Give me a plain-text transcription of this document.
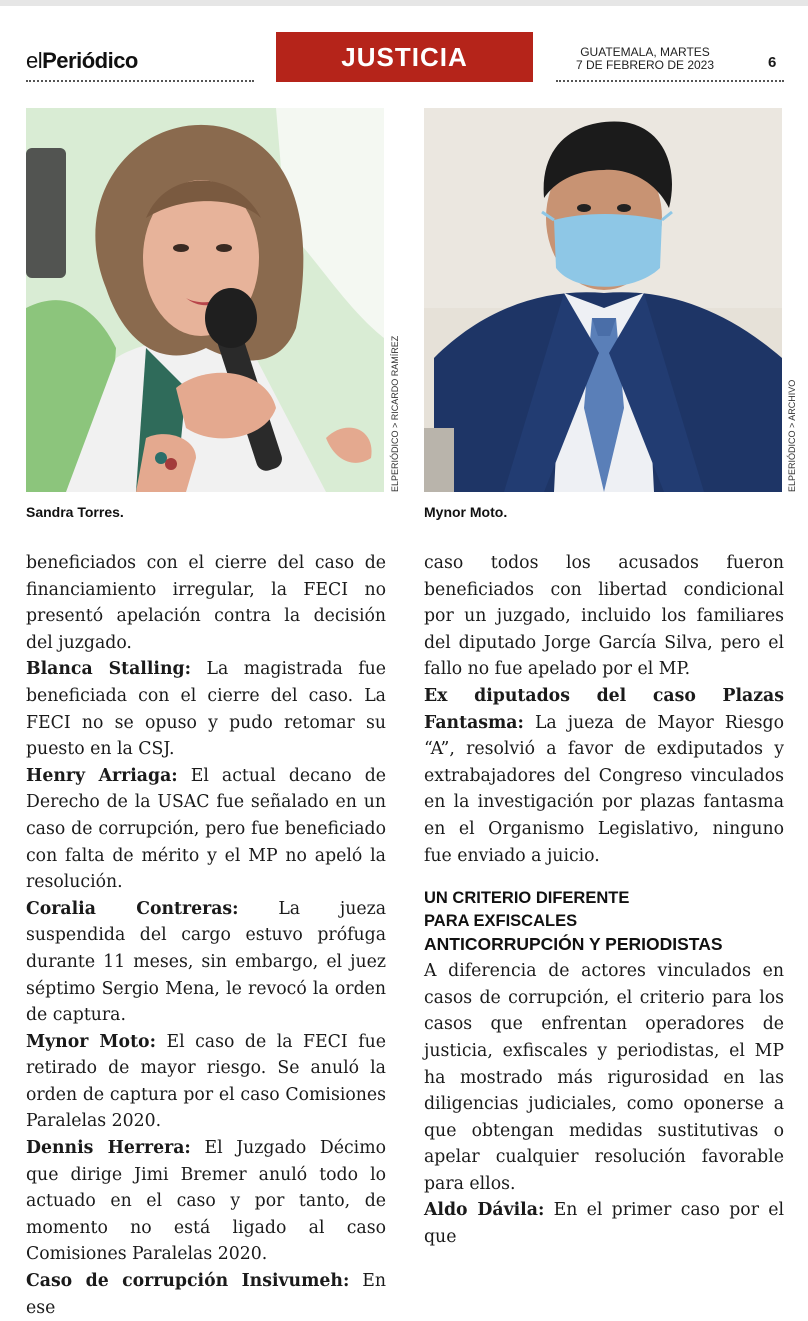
elPeriódico	JUSTICIA	GUATEMALA, MARTES
7 DE FEBRERO DE 2023	6
ELPERIÓDICO > RICARDO RAMÍREZ
Sandra Torres.
ELPERIÓDICO > ARCHIVO
Mynor Moto.

beneficiados con el cierre del caso de financiamiento irregular, la FECI no presentó apelación contra la decisión del juzgado.

Blanca Stalling: La magistrada fue beneficiada con el cierre del caso. La FECI no se opuso y pudo retomar su puesto en la CSJ.

Henry Arriaga: El actual decano de Derecho de la USAC fue señalado en un caso de corrupción, pero fue beneficiado con falta de mérito y el MP no apeló la resolución.

Coralia Contreras: La jueza suspendida del cargo estuvo prófuga durante 11 meses, sin embargo, el juez séptimo Sergio Mena, le revocó la orden de captura.

Mynor Moto: El caso de la FECI fue retirado de mayor riesgo. Se anuló la orden de captura por el caso Comisiones Paralelas 2020.

Dennis Herrera: El Juzgado Décimo que dirige Jimi Bremer anuló todo lo actuado en el caso y por tanto, de momento no está ligado al caso Comisiones Paralelas 2020.

Caso de corrupción Insivumeh: En ese

caso todos los acusados fueron beneficiados con libertad condicional por un juzgado, incluido los familiares del diputado Jorge García Silva, pero el fallo no fue apelado por el MP.

Ex diputados del caso Plazas Fantasma: La jueza de Mayor Riesgo “A”, resolvió a favor de exdiputados y extrabajadores del Congreso vinculados en la investigación por plazas fantasma en el Organismo Legislativo, ninguno fue enviado a juicio.

UN CRITERIO DIFERENTE
PARA EXFISCALES
ANTICORRUPCIÓN Y PERIODISTAS

A diferencia de actores vinculados en casos de corrupción, el criterio para los casos que enfrentan operadores de justicia, exfiscales y periodistas, el MP ha mostrado más rigurosidad en las diligencias judiciales, como oponerse a que obtengan medidas sustitutivas o apelar cualquier resolución favorable para ellos.

Aldo Dávila: En el primer caso por el que
